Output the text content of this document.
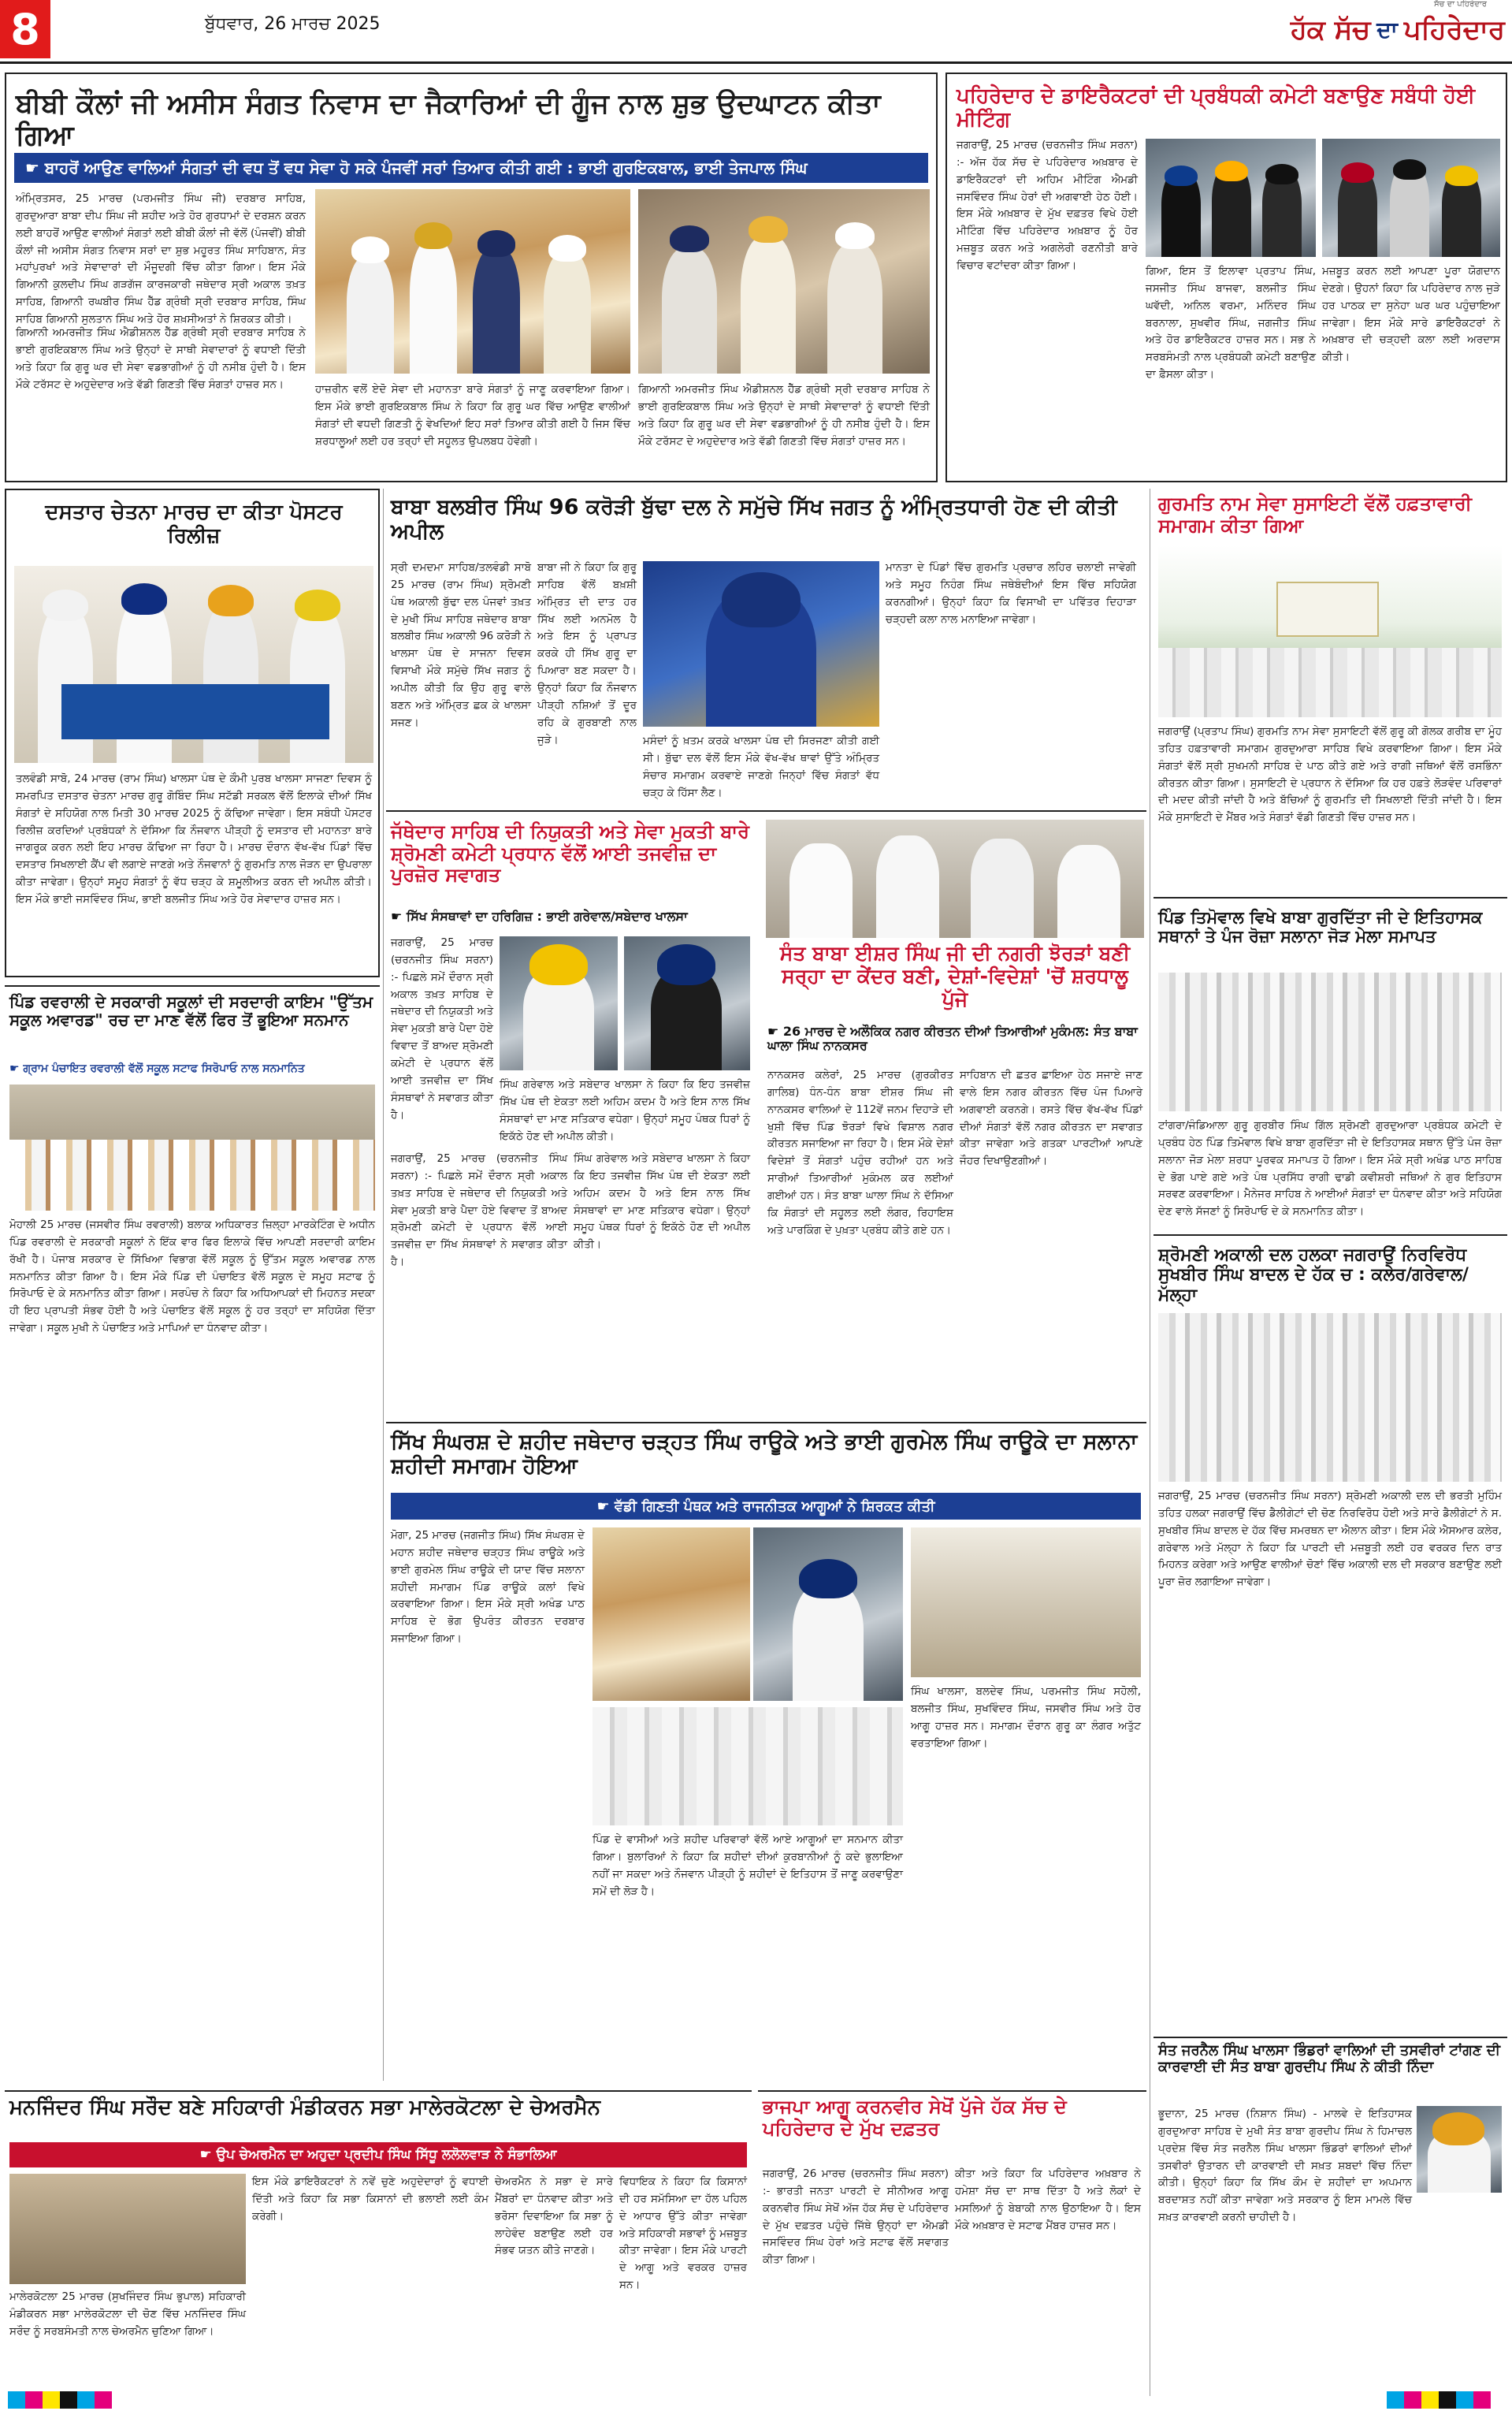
8	ਬੁੱਧਵਾਰ, 26 ਮਾਰਚ 2025
ਸੱਚ ਦਾ ਪਹਿਰੇਦਾਰ
ਹੱਕ ਸੱਚ ਦਾ ਪਹਿਰੇਦਾਰ
ਬੀਬੀ ਕੌਲਾਂ ਜੀ ਅਸੀਸ ਸੰਗਤ ਨਿਵਾਸ ਦਾ ਜੈਕਾਰਿਆਂ ਦੀ ਗੂੰਜ ਨਾਲ ਸ਼ੁਭ ਉਦਘਾਟਨ ਕੀਤਾ ਗਿਆ
☛ ਬਾਹਰੋਂ ਆਉਣ ਵਾਲਿਆਂ ਸੰਗਤਾਂ ਦੀ ਵਧ ਤੋਂ ਵਧ ਸੇਵਾ ਹੋ ਸਕੇ ਪੰਜਵੀਂ ਸਰਾਂ ਤਿਆਰ ਕੀਤੀ ਗਈ : ਭਾਈ ਗੁਰਇਕਬਾਲ, ਭਾਈ ਤੇਜਪਾਲ ਸਿੰਘ
ਅੰਮ੍ਰਿਤਸਰ, 25 ਮਾਰਚ (ਪਰਮਜੀਤ ਸਿੰਘ ਜੀ) ਦਰਬਾਰ ਸਾਹਿਬ, ਗੁਰਦੁਆਰਾ ਬਾਬਾ ਦੀਪ ਸਿੰਘ ਜੀ ਸ਼ਹੀਦ ਅਤੇ ਹੋਰ ਗੁਰਧਾਮਾਂ ਦੇ ਦਰਸ਼ਨ ਕਰਨ ਲਈ ਬਾਹਰੋਂ ਆਉਣ ਵਾਲੀਆਂ ਸੰਗਤਾਂ ਲਈ ਬੀਬੀ ਕੌਲਾਂ ਜੀ ਵੱਲੋਂ (ਪੰਜਵੀਂ) ਬੀਬੀ ਕੌਲਾਂ ਜੀ ਅਸੀਸ ਸੰਗਤ ਨਿਵਾਸ ਸਰਾਂ ਦਾ ਸ਼ੁਭ ਮਹੂਰਤ ਸਿੰਘ ਸਾਹਿਬਾਨ, ਸੰਤ ਮਹਾਂਪੁਰਖਾਂ ਅਤੇ ਸੇਵਾਦਾਰਾਂ ਦੀ ਮੌਜੂਦਗੀ ਵਿੱਚ ਕੀਤਾ ਗਿਆ। ਇਸ ਮੌਕੇ ਗਿਆਨੀ ਕੁਲਦੀਪ ਸਿੰਘ ਗੜਗੱਜ ਕਾਰਜਕਾਰੀ ਜਥੇਦਾਰ ਸ੍ਰੀ ਅਕਾਲ ਤਖ਼ਤ ਸਾਹਿਬ, ਗਿਆਨੀ ਰਘਬੀਰ ਸਿੰਘ ਹੈੱਡ ਗ੍ਰੰਥੀ ਸ੍ਰੀ ਦਰਬਾਰ ਸਾਹਿਬ, ਸਿੰਘ ਸਾਹਿਬ ਗਿਆਨੀ ਸੁਲਤਾਨ ਸਿੰਘ ਅਤੇ ਹੋਰ ਸ਼ਖ਼ਸੀਅਤਾਂ ਨੇ ਸ਼ਿਰਕਤ ਕੀਤੀ।
ਗਿਆਨੀ ਅਮਰਜੀਤ ਸਿੰਘ ਐਡੀਸ਼ਨਲ ਹੈੱਡ ਗ੍ਰੰਥੀ ਸ੍ਰੀ ਦਰਬਾਰ ਸਾਹਿਬ ਨੇ ਭਾਈ ਗੁਰਇਕਬਾਲ ਸਿੰਘ ਅਤੇ ਉਨ੍ਹਾਂ ਦੇ ਸਾਥੀ ਸੇਵਾਦਾਰਾਂ ਨੂੰ ਵਧਾਈ ਦਿੱਤੀ ਅਤੇ ਕਿਹਾ ਕਿ ਗੁਰੂ ਘਰ ਦੀ ਸੇਵਾ ਵਡਭਾਗੀਆਂ ਨੂੰ ਹੀ ਨਸੀਬ ਹੁੰਦੀ ਹੈ। ਇਸ ਮੌਕੇ ਟਰੱਸਟ ਦੇ ਅਹੁਦੇਦਾਰ ਅਤੇ ਵੱਡੀ ਗਿਣਤੀ ਵਿੱਚ ਸੰਗਤਾਂ ਹਾਜ਼ਰ ਸਨ।	ਹਾਜ਼ਰੀਨ ਵਲੋਂ ਏਦੋ ਸੇਵਾ ਦੀ ਮਹਾਨਤਾ ਬਾਰੇ ਸੰਗਤਾਂ ਨੂੰ ਜਾਣੂ ਕਰਵਾਇਆ ਗਿਆ। ਇਸ ਮੌਕੇ ਭਾਈ ਗੁਰਇਕਬਾਲ ਸਿੰਘ ਨੇ ਕਿਹਾ ਕਿ ਗੁਰੂ ਘਰ ਵਿੱਚ ਆਉਣ ਵਾਲੀਆਂ ਸੰਗਤਾਂ ਦੀ ਵਧਦੀ ਗਿਣਤੀ ਨੂੰ ਵੇਖਦਿਆਂ ਇਹ ਸਰਾਂ ਤਿਆਰ ਕੀਤੀ ਗਈ ਹੈ ਜਿਸ ਵਿੱਚ ਸ਼ਰਧਾਲੂਆਂ ਲਈ ਹਰ ਤਰ੍ਹਾਂ ਦੀ ਸਹੂਲਤ ਉਪਲਬਧ ਹੋਵੇਗੀ।
ਗਿਆਨੀ ਅਮਰਜੀਤ ਸਿੰਘ ਐਡੀਸ਼ਨਲ ਹੈੱਡ ਗ੍ਰੰਥੀ ਸ੍ਰੀ ਦਰਬਾਰ ਸਾਹਿਬ ਨੇ ਭਾਈ ਗੁਰਇਕਬਾਲ ਸਿੰਘ ਅਤੇ ਉਨ੍ਹਾਂ ਦੇ ਸਾਥੀ ਸੇਵਾਦਾਰਾਂ ਨੂੰ ਵਧਾਈ ਦਿੱਤੀ ਅਤੇ ਕਿਹਾ ਕਿ ਗੁਰੂ ਘਰ ਦੀ ਸੇਵਾ ਵਡਭਾਗੀਆਂ ਨੂੰ ਹੀ ਨਸੀਬ ਹੁੰਦੀ ਹੈ। ਇਸ ਮੌਕੇ ਟਰੱਸਟ ਦੇ ਅਹੁਦੇਦਾਰ ਅਤੇ ਵੱਡੀ ਗਿਣਤੀ ਵਿੱਚ ਸੰਗਤਾਂ ਹਾਜ਼ਰ ਸਨ।
ਪਹਿਰੇਦਾਰ ਦੇ ਡਾਇਰੈਕਟਰਾਂ ਦੀ ਪ੍ਰਬੰਧਕੀ ਕਮੇਟੀ ਬਣਾਉਣ ਸਬੰਧੀ ਹੋਈ ਮੀਟਿੰਗ
ਜਗਰਾਉਂ, 25 ਮਾਰਚ (ਚਰਨਜੀਤ ਸਿੰਘ ਸਰਨਾ) :- ਅੱਜ ਹੱਕ ਸੱਚ ਦੇ ਪਹਿਰੇਦਾਰ ਅਖ਼ਬਾਰ ਦੇ ਡਾਇਰੈਕਟਰਾਂ ਦੀ ਅਹਿਮ ਮੀਟਿੰਗ ਐਮਡੀ ਜਸਵਿੰਦਰ ਸਿੰਘ ਹੇਰਾਂ ਦੀ ਅਗਵਾਈ ਹੇਠ ਹੋਈ। ਇਸ ਮੌਕੇ ਅਖ਼ਬਾਰ ਦੇ ਮੁੱਖ ਦਫ਼ਤਰ ਵਿਖੇ ਹੋਈ ਮੀਟਿੰਗ ਵਿੱਚ ਪਹਿਰੇਦਾਰ ਅਖ਼ਬਾਰ ਨੂੰ ਹੋਰ ਮਜ਼ਬੂਤ ਕਰਨ ਅਤੇ ਅਗਲੇਰੀ ਰਣਨੀਤੀ ਬਾਰੇ ਵਿਚਾਰ ਵਟਾਂਦਰਾ ਕੀਤਾ ਗਿਆ।	ਗਿਆ, ਇਸ ਤੋਂ ਇਲਾਵਾ ਪ੍ਰਤਾਪ ਸਿੰਘ, ਜਸਜੀਤ ਸਿੰਘ ਬਾਜਵਾ, ਬਲਜੀਤ ਸਿੰਘ ਘਵੱਦੀ, ਅਨਿਲ ਵਰਮਾ, ਮਨਿੰਦਰ ਸਿੰਘ ਬਰਨਾਲਾ, ਸੁਖਵੀਰ ਸਿੰਘ, ਜਗਜੀਤ ਸਿੰਘ ਅਤੇ ਹੋਰ ਡਾਇਰੈਕਟਰ ਹਾਜ਼ਰ ਸਨ। ਸਭ ਨੇ ਸਰਬਸੰਮਤੀ ਨਾਲ ਪ੍ਰਬੰਧਕੀ ਕਮੇਟੀ ਬਣਾਉਣ ਦਾ ਫ਼ੈਸਲਾ ਕੀਤਾ।
ਮਜ਼ਬੂਤ ਕਰਨ ਲਈ ਆਪਣਾ ਪੂਰਾ ਯੋਗਦਾਨ ਦੇਣਗੇ। ਉਹਨਾਂ ਕਿਹਾ ਕਿ ਪਹਿਰੇਦਾਰ ਨਾਲ ਜੁੜੇ ਹਰ ਪਾਠਕ ਦਾ ਸੁਨੇਹਾ ਘਰ ਘਰ ਪਹੁੰਚਾਇਆ ਜਾਵੇਗਾ। ਇਸ ਮੌਕੇ ਸਾਰੇ ਡਾਇਰੈਕਟਰਾਂ ਨੇ ਅਖ਼ਬਾਰ ਦੀ ਚੜ੍ਹਦੀ ਕਲਾ ਲਈ ਅਰਦਾਸ ਕੀਤੀ।
ਦਸਤਾਰ ਚੇਤਨਾ ਮਾਰਚ ਦਾ ਕੀਤਾ ਪੋਸਟਰ ਰਿਲੀਜ਼
ਤਲਵੰਡੀ ਸਾਬੋ, 24 ਮਾਰਚ (ਰਾਮ ਸਿੰਘ) ਖਾਲਸਾ ਪੰਥ ਦੇ ਕੌਮੀ ਪੁਰਬ ਖਾਲਸਾ ਸਾਜਣਾ ਦਿਵਸ ਨੂੰ ਸਮਰਪਿਤ ਦਸਤਾਰ ਚੇਤਨਾ ਮਾਰਚ ਗੁਰੂ ਗੋਬਿੰਦ ਸਿੰਘ ਸਟੱਡੀ ਸਰਕਲ ਵੱਲੋਂ ਇਲਾਕੇ ਦੀਆਂ ਸਿੱਖ ਸੰਗਤਾਂ ਦੇ ਸਹਿਯੋਗ ਨਾਲ ਮਿਤੀ 30 ਮਾਰਚ 2025 ਨੂੰ ਕੱਢਿਆ ਜਾਵੇਗਾ। ਇਸ ਸਬੰਧੀ ਪੋਸਟਰ ਰਿਲੀਜ਼ ਕਰਦਿਆਂ ਪ੍ਰਬੰਧਕਾਂ ਨੇ ਦੱਸਿਆ ਕਿ ਨੌਜਵਾਨ ਪੀੜ੍ਹੀ ਨੂੰ ਦਸਤਾਰ ਦੀ ਮਹਾਨਤਾ ਬਾਰੇ ਜਾਗਰੂਕ ਕਰਨ ਲਈ ਇਹ ਮਾਰਚ ਕੱਢਿਆ ਜਾ ਰਿਹਾ ਹੈ। ਮਾਰਚ ਦੌਰਾਨ ਵੱਖ-ਵੱਖ ਪਿੰਡਾਂ ਵਿੱਚ ਦਸਤਾਰ ਸਿਖਲਾਈ ਕੈਂਪ ਵੀ ਲਗਾਏ ਜਾਣਗੇ ਅਤੇ ਨੌਜਵਾਨਾਂ ਨੂੰ ਗੁਰਮਤਿ ਨਾਲ ਜੋੜਨ ਦਾ ਉਪਰਾਲਾ ਕੀਤਾ ਜਾਵੇਗਾ। ਉਨ੍ਹਾਂ ਸਮੂਹ ਸੰਗਤਾਂ ਨੂੰ ਵੱਧ ਚੜ੍ਹ ਕੇ ਸ਼ਮੂਲੀਅਤ ਕਰਨ ਦੀ ਅਪੀਲ ਕੀਤੀ। ਇਸ ਮੌਕੇ ਭਾਈ ਜਸਵਿੰਦਰ ਸਿੰਘ, ਭਾਈ ਬਲਜੀਤ ਸਿੰਘ ਅਤੇ ਹੋਰ ਸੇਵਾਦਾਰ ਹਾਜ਼ਰ ਸਨ।
ਬਾਬਾ ਬਲਬੀਰ ਸਿੰਘ 96 ਕਰੋੜੀ ਬੁੱਢਾ ਦਲ ਨੇ ਸਮੁੱਚੇ ਸਿੱਖ ਜਗਤ ਨੂੰ ਅੰਮ੍ਰਿਤਧਾਰੀ ਹੋਣ ਦੀ ਕੀਤੀ ਅਪੀਲ
ਸ੍ਰੀ ਦਮਦਮਾ ਸਾਹਿਬ/ਤਲਵੰਡੀ ਸਾਬੋ 25 ਮਾਰਚ (ਰਾਮ ਸਿੰਘ) ਸ਼੍ਰੋਮਣੀ ਪੰਥ ਅਕਾਲੀ ਬੁੱਢਾ ਦਲ ਪੰਜਵਾਂ ਤਖ਼ਤ ਦੇ ਮੁਖੀ ਸਿੰਘ ਸਾਹਿਬ ਜਥੇਦਾਰ ਬਾਬਾ ਬਲਬੀਰ ਸਿੰਘ ਅਕਾਲੀ 96 ਕਰੋੜੀ ਨੇ ਖਾਲਸਾ ਪੰਥ ਦੇ ਸਾਜਨਾ ਦਿਵਸ ਵਿਸਾਖੀ ਮੌਕੇ ਸਮੁੱਚੇ ਸਿੱਖ ਜਗਤ ਨੂੰ ਅਪੀਲ ਕੀਤੀ ਕਿ ਉਹ ਗੁਰੂ ਵਾਲੇ ਬਣਨ ਅਤੇ ਅੰਮ੍ਰਿਤ ਛਕ ਕੇ ਖਾਲਸਾ ਸਜਣ।
ਬਾਬਾ ਜੀ ਨੇ ਕਿਹਾ ਕਿ ਗੁਰੂ ਸਾਹਿਬ ਵੱਲੋਂ ਬਖ਼ਸ਼ੀ ਅੰਮ੍ਰਿਤ ਦੀ ਦਾਤ ਹਰ ਸਿੱਖ ਲਈ ਅਨਮੋਲ ਹੈ ਅਤੇ ਇਸ ਨੂੰ ਪ੍ਰਾਪਤ ਕਰਕੇ ਹੀ ਸਿੱਖ ਗੁਰੂ ਦਾ ਪਿਆਰਾ ਬਣ ਸਕਦਾ ਹੈ। ਉਨ੍ਹਾਂ ਕਿਹਾ ਕਿ ਨੌਜਵਾਨ ਪੀੜ੍ਹੀ ਨਸ਼ਿਆਂ ਤੋਂ ਦੂਰ ਰਹਿ ਕੇ ਗੁਰਬਾਣੀ ਨਾਲ ਜੁੜੇ।	ਮਸੰਦਾਂ ਨੂੰ ਖ਼ਤਮ ਕਰਕੇ ਖਾਲਸਾ ਪੰਥ ਦੀ ਸਿਰਜਣਾ ਕੀਤੀ ਗਈ ਸੀ। ਬੁੱਢਾ ਦਲ ਵੱਲੋਂ ਇਸ ਮੌਕੇ ਵੱਖ-ਵੱਖ ਥਾਵਾਂ ਉੱਤੇ ਅੰਮ੍ਰਿਤ ਸੰਚਾਰ ਸਮਾਗਮ ਕਰਵਾਏ ਜਾਣਗੇ ਜਿਨ੍ਹਾਂ ਵਿੱਚ ਸੰਗਤਾਂ ਵੱਧ ਚੜ੍ਹ ਕੇ ਹਿੱਸਾ ਲੈਣ।
ਮਾਨਤਾ ਦੇ ਪਿੰਡਾਂ ਵਿੱਚ ਗੁਰਮਤਿ ਪ੍ਰਚਾਰ ਲਹਿਰ ਚਲਾਈ ਜਾਵੇਗੀ ਅਤੇ ਸਮੂਹ ਨਿਹੰਗ ਸਿੰਘ ਜਥੇਬੰਦੀਆਂ ਇਸ ਵਿੱਚ ਸਹਿਯੋਗ ਕਰਨਗੀਆਂ। ਉਨ੍ਹਾਂ ਕਿਹਾ ਕਿ ਵਿਸਾਖੀ ਦਾ ਪਵਿੱਤਰ ਦਿਹਾੜਾ ਚੜ੍ਹਦੀ ਕਲਾ ਨਾਲ ਮਨਾਇਆ ਜਾਵੇਗਾ।
ਗੁਰਮਤਿ ਨਾਮ ਸੇਵਾ ਸੁਸਾਇਟੀ ਵੱਲੋਂ ਹਫ਼ਤਾਵਾਰੀ ਸਮਾਗਮ ਕੀਤਾ ਗਿਆ
ਜਗਰਾਉਂ (ਪ੍ਰਤਾਪ ਸਿੰਘ) ਗੁਰਮਤਿ ਨਾਮ ਸੇਵਾ ਸੁਸਾਇਟੀ ਵੱਲੋਂ ਗੁਰੂ ਕੀ ਗੋਲਕ ਗਰੀਬ ਦਾ ਮੂੰਹ ਤਹਿਤ ਹਫ਼ਤਾਵਾਰੀ ਸਮਾਗਮ ਗੁਰਦੁਆਰਾ ਸਾਹਿਬ ਵਿਖੇ ਕਰਵਾਇਆ ਗਿਆ। ਇਸ ਮੌਕੇ ਸੰਗਤਾਂ ਵੱਲੋਂ ਸ੍ਰੀ ਸੁਖਮਨੀ ਸਾਹਿਬ ਦੇ ਪਾਠ ਕੀਤੇ ਗਏ ਅਤੇ ਰਾਗੀ ਜਥਿਆਂ ਵੱਲੋਂ ਰਸਭਿੰਨਾ ਕੀਰਤਨ ਕੀਤਾ ਗਿਆ। ਸੁਸਾਇਟੀ ਦੇ ਪ੍ਰਧਾਨ ਨੇ ਦੱਸਿਆ ਕਿ ਹਰ ਹਫ਼ਤੇ ਲੋੜਵੰਦ ਪਰਿਵਾਰਾਂ ਦੀ ਮਦਦ ਕੀਤੀ ਜਾਂਦੀ ਹੈ ਅਤੇ ਬੱਚਿਆਂ ਨੂੰ ਗੁਰਮਤਿ ਦੀ ਸਿਖਲਾਈ ਦਿੱਤੀ ਜਾਂਦੀ ਹੈ। ਇਸ ਮੌਕੇ ਸੁਸਾਇਟੀ ਦੇ ਮੈਂਬਰ ਅਤੇ ਸੰਗਤਾਂ ਵੱਡੀ ਗਿਣਤੀ ਵਿੱਚ ਹਾਜ਼ਰ ਸਨ।
ਜੱਥੇਦਾਰ ਸਾਹਿਬ ਦੀ ਨਿਯੁਕਤੀ ਅਤੇ ਸੇਵਾ ਮੁਕਤੀ ਬਾਰੇ ਸ਼੍ਰੋਮਣੀ ਕਮੇਟੀ ਪ੍ਰਧਾਨ ਵੱਲੋਂ ਆਈ ਤਜਵੀਜ਼ ਦਾ ਪੁਰਜ਼ੋਰ ਸਵਾਗਤ
☛ ਸਿੱਖ ਸੰਸਥਾਵਾਂ ਦਾ ਹਰਿਗਿਜ਼ : ਭਾਈ ਗਰੇਵਾਲ/ਸਬੇਦਾਰ ਖਾਲਸਾ
ਜਗਰਾਉਂ, 25 ਮਾਰਚ (ਚਰਨਜੀਤ ਸਿੰਘ ਸਰਨਾ) :- ਪਿਛਲੇ ਸਮੇਂ ਦੌਰਾਨ ਸ੍ਰੀ ਅਕਾਲ ਤਖ਼ਤ ਸਾਹਿਬ ਦੇ ਜਥੇਦਾਰ ਦੀ ਨਿਯੁਕਤੀ ਅਤੇ ਸੇਵਾ ਮੁਕਤੀ ਬਾਰੇ ਪੈਦਾ ਹੋਏ ਵਿਵਾਦ ਤੋਂ ਬਾਅਦ ਸ਼੍ਰੋਮਣੀ ਕਮੇਟੀ ਦੇ ਪ੍ਰਧਾਨ ਵੱਲੋਂ ਆਈ ਤਜਵੀਜ਼ ਦਾ ਸਿੱਖ ਸੰਸਥਾਵਾਂ ਨੇ ਸਵਾਗਤ ਕੀਤਾ ਹੈ।
ਸਿੰਘ ਗਰੇਵਾਲ ਅਤੇ ਸਬੇਦਾਰ ਖਾਲਸਾ ਨੇ ਕਿਹਾ ਕਿ ਇਹ ਤਜਵੀਜ਼ ਸਿੱਖ ਪੰਥ ਦੀ ਏਕਤਾ ਲਈ ਅਹਿਮ ਕਦਮ ਹੈ ਅਤੇ ਇਸ ਨਾਲ ਸਿੱਖ ਸੰਸਥਾਵਾਂ ਦਾ ਮਾਣ ਸਤਿਕਾਰ ਵਧੇਗਾ। ਉਨ੍ਹਾਂ ਸਮੂਹ ਪੰਥਕ ਧਿਰਾਂ ਨੂੰ ਇਕੱਠੇ ਹੋਣ ਦੀ ਅਪੀਲ ਕੀਤੀ।
ਜਗਰਾਉਂ, 25 ਮਾਰਚ (ਚਰਨਜੀਤ ਸਿੰਘ ਸਰਨਾ) :- ਪਿਛਲੇ ਸਮੇਂ ਦੌਰਾਨ ਸ੍ਰੀ ਅਕਾਲ ਤਖ਼ਤ ਸਾਹਿਬ ਦੇ ਜਥੇਦਾਰ ਦੀ ਨਿਯੁਕਤੀ ਅਤੇ ਸੇਵਾ ਮੁਕਤੀ ਬਾਰੇ ਪੈਦਾ ਹੋਏ ਵਿਵਾਦ ਤੋਂ ਬਾਅਦ ਸ਼੍ਰੋਮਣੀ ਕਮੇਟੀ ਦੇ ਪ੍ਰਧਾਨ ਵੱਲੋਂ ਆਈ ਤਜਵੀਜ਼ ਦਾ ਸਿੱਖ ਸੰਸਥਾਵਾਂ ਨੇ ਸਵਾਗਤ ਕੀਤਾ ਹੈ।
ਸਿੰਘ ਗਰੇਵਾਲ ਅਤੇ ਸਬੇਦਾਰ ਖਾਲਸਾ ਨੇ ਕਿਹਾ ਕਿ ਇਹ ਤਜਵੀਜ਼ ਸਿੱਖ ਪੰਥ ਦੀ ਏਕਤਾ ਲਈ ਅਹਿਮ ਕਦਮ ਹੈ ਅਤੇ ਇਸ ਨਾਲ ਸਿੱਖ ਸੰਸਥਾਵਾਂ ਦਾ ਮਾਣ ਸਤਿਕਾਰ ਵਧੇਗਾ। ਉਨ੍ਹਾਂ ਸਮੂਹ ਪੰਥਕ ਧਿਰਾਂ ਨੂੰ ਇਕੱਠੇ ਹੋਣ ਦੀ ਅਪੀਲ ਕੀਤੀ।
ਸੰਤ ਬਾਬਾ ਈਸ਼ਰ ਸਿੰਘ ਜੀ ਦੀ ਨਗਰੀ ਝੋਰੜਾਂ ਬਣੀ ਸਰ੍ਹਾ ਦਾ ਕੇਂਦਰ ਬਣੀ, ਦੇਸ਼ਾਂ-ਵਿਦੇਸ਼ਾਂ 'ਚੋਂ ਸ਼ਰਧਾਲੂ ਪੁੱਜੇ
☛ 26 ਮਾਰਚ ਦੇ ਅਲੌਕਿਕ ਨਗਰ ਕੀਰਤਨ ਦੀਆਂ ਤਿਆਰੀਆਂ ਮੁਕੰਮਲ: ਸੰਤ ਬਾਬਾ ਘਾਲਾ ਸਿੰਘ ਨਾਨਕਸਰ
ਨਾਨਕਸਰ ਕਲੇਰਾਂ, 25 ਮਾਰਚ (ਗੁਰਕੀਰਤ ਗਾਲਿਬ) ਧੰਨ-ਧੰਨ ਬਾਬਾ ਈਸ਼ਰ ਸਿੰਘ ਜੀ ਨਾਨਕਸਰ ਵਾਲਿਆਂ ਦੇ 112ਵੇਂ ਜਨਮ ਦਿਹਾੜੇ ਦੀ ਖੁਸ਼ੀ ਵਿੱਚ ਪਿੰਡ ਝੋਰੜਾਂ ਵਿਖੇ ਵਿਸ਼ਾਲ ਨਗਰ ਕੀਰਤਨ ਸਜਾਇਆ ਜਾ ਰਿਹਾ ਹੈ। ਇਸ ਮੌਕੇ ਦੇਸ਼ਾਂ ਵਿਦੇਸ਼ਾਂ ਤੋਂ ਸੰਗਤਾਂ ਪਹੁੰਚ ਰਹੀਆਂ ਹਨ ਅਤੇ ਸਾਰੀਆਂ ਤਿਆਰੀਆਂ ਮੁਕੰਮਲ ਕਰ ਲਈਆਂ ਗਈਆਂ ਹਨ। ਸੰਤ ਬਾਬਾ ਘਾਲਾ ਸਿੰਘ ਨੇ ਦੱਸਿਆ ਕਿ ਸੰਗਤਾਂ ਦੀ ਸਹੂਲਤ ਲਈ ਲੰਗਰ, ਰਿਹਾਇਸ਼ ਅਤੇ ਪਾਰਕਿੰਗ ਦੇ ਪੁਖ਼ਤਾ ਪ੍ਰਬੰਧ ਕੀਤੇ ਗਏ ਹਨ।
ਸਾਹਿਬਾਨ ਦੀ ਛਤਰ ਛਾਇਆ ਹੇਠ ਸਜਾਏ ਜਾਣ ਵਾਲੇ ਇਸ ਨਗਰ ਕੀਰਤਨ ਵਿੱਚ ਪੰਜ ਪਿਆਰੇ ਅਗਵਾਈ ਕਰਨਗੇ। ਰਸਤੇ ਵਿੱਚ ਵੱਖ-ਵੱਖ ਪਿੰਡਾਂ ਦੀਆਂ ਸੰਗਤਾਂ ਵੱਲੋਂ ਨਗਰ ਕੀਰਤਨ ਦਾ ਸਵਾਗਤ ਕੀਤਾ ਜਾਵੇਗਾ ਅਤੇ ਗਤਕਾ ਪਾਰਟੀਆਂ ਆਪਣੇ ਜੌਹਰ ਦਿਖਾਉਣਗੀਆਂ।
ਪਿੰਡ ਤਿਮੋਵਾਲ ਵਿਖੇ ਬਾਬਾ ਗੁਰਦਿੱਤਾ ਜੀ ਦੇ ਇਤਿਹਾਸਕ ਸਥਾਨਾਂ ਤੇ ਪੰਜ ਰੋਜ਼ਾ ਸਲਾਨਾ ਜੋੜ ਮੇਲਾ ਸਮਾਪਤ
ਟਾਂਗਰਾ/ਜੰਡਿਆਲਾ ਗੁਰੂ ਗੁਰਬੀਰ ਸਿੰਘ ਗਿੱਲ ਸ਼੍ਰੋਮਣੀ ਗੁਰਦੁਆਰਾ ਪ੍ਰਬੰਧਕ ਕਮੇਟੀ ਦੇ ਪ੍ਰਬੰਧ ਹੇਠ ਪਿੰਡ ਤਿਮੋਵਾਲ ਵਿਖੇ ਬਾਬਾ ਗੁਰਦਿੱਤਾ ਜੀ ਦੇ ਇਤਿਹਾਸਕ ਸਥਾਨ ਉੱਤੇ ਪੰਜ ਰੋਜ਼ਾ ਸਲਾਨਾ ਜੋੜ ਮੇਲਾ ਸ਼ਰਧਾ ਪੂਰਵਕ ਸਮਾਪਤ ਹੋ ਗਿਆ। ਇਸ ਮੌਕੇ ਸ੍ਰੀ ਅਖੰਡ ਪਾਠ ਸਾਹਿਬ ਦੇ ਭੋਗ ਪਾਏ ਗਏ ਅਤੇ ਪੰਥ ਪ੍ਰਸਿੱਧ ਰਾਗੀ ਢਾਡੀ ਕਵੀਸ਼ਰੀ ਜਥਿਆਂ ਨੇ ਗੁਰ ਇਤਿਹਾਸ ਸਰਵਣ ਕਰਵਾਇਆ। ਮੈਨੇਜਰ ਸਾਹਿਬ ਨੇ ਆਈਆਂ ਸੰਗਤਾਂ ਦਾ ਧੰਨਵਾਦ ਕੀਤਾ ਅਤੇ ਸਹਿਯੋਗ ਦੇਣ ਵਾਲੇ ਸੱਜਣਾਂ ਨੂੰ ਸਿਰੋਪਾਓ ਦੇ ਕੇ ਸਨਮਾਨਿਤ ਕੀਤਾ।
ਪਿੰਡ ਰਵਰਾਲੀ ਦੇ ਸਰਕਾਰੀ ਸਕੂਲਾਂ ਦੀ ਸਰਦਾਰੀ ਕਾਇਮ "ਉੱਤਮ ਸਕੂਲ ਅਵਾਰਡ" ਰਚ ਦਾ ਮਾਣ ਵੱਲੋਂ ਫਿਰ ਤੋਂ ਭੂਇਆ ਸਨਮਾਨ
☛ ਗ੍ਰਾਮ ਪੰਚਾਇਤ ਰਵਰਾਲੀ ਵੱਲੋਂ ਸਕੂਲ ਸਟਾਫ ਸਿਰੋਪਾਓ ਨਾਲ ਸਨਮਾਨਿਤ
ਮੋਹਾਲੀ 25 ਮਾਰਚ (ਜਸਵੀਰ ਸਿੰਘ ਰਵਰਾਲੀ) ਬਲਾਕ ਅਧਿਕਾਰਤ ਜ਼ਿਲ੍ਹਾ ਮਾਰਕੇਟਿੰਗ ਦੇ ਅਧੀਨ ਪਿੰਡ ਰਵਰਾਲੀ ਦੇ ਸਰਕਾਰੀ ਸਕੂਲਾਂ ਨੇ ਇੱਕ ਵਾਰ ਫਿਰ ਇਲਾਕੇ ਵਿੱਚ ਆਪਣੀ ਸਰਦਾਰੀ ਕਾਇਮ ਰੱਖੀ ਹੈ। ਪੰਜਾਬ ਸਰਕਾਰ ਦੇ ਸਿੱਖਿਆ ਵਿਭਾਗ ਵੱਲੋਂ ਸਕੂਲ ਨੂੰ ਉੱਤਮ ਸਕੂਲ ਅਵਾਰਡ ਨਾਲ ਸਨਮਾਨਿਤ ਕੀਤਾ ਗਿਆ ਹੈ। ਇਸ ਮੌਕੇ ਪਿੰਡ ਦੀ ਪੰਚਾਇਤ ਵੱਲੋਂ ਸਕੂਲ ਦੇ ਸਮੂਹ ਸਟਾਫ ਨੂੰ ਸਿਰੋਪਾਓ ਦੇ ਕੇ ਸਨਮਾਨਿਤ ਕੀਤਾ ਗਿਆ। ਸਰਪੰਚ ਨੇ ਕਿਹਾ ਕਿ ਅਧਿਆਪਕਾਂ ਦੀ ਮਿਹਨਤ ਸਦਕਾ ਹੀ ਇਹ ਪ੍ਰਾਪਤੀ ਸੰਭਵ ਹੋਈ ਹੈ ਅਤੇ ਪੰਚਾਇਤ ਵੱਲੋਂ ਸਕੂਲ ਨੂੰ ਹਰ ਤਰ੍ਹਾਂ ਦਾ ਸਹਿਯੋਗ ਦਿੱਤਾ ਜਾਵੇਗਾ। ਸਕੂਲ ਮੁਖੀ ਨੇ ਪੰਚਾਇਤ ਅਤੇ ਮਾਪਿਆਂ ਦਾ ਧੰਨਵਾਦ ਕੀਤਾ।
ਸਿੱਖ ਸੰਘਰਸ਼ ਦੇ ਸ਼ਹੀਦ ਜਥੇਦਾਰ ਚੜ੍ਹਤ ਸਿੰਘ ਰਾਊਕੇ ਅਤੇ ਭਾਈ ਗੁਰਮੇਲ ਸਿੰਘ ਰਾਊਕੇ ਦਾ ਸਲਾਨਾ ਸ਼ਹੀਦੀ ਸਮਾਗਮ ਹੋਇਆ
☛ ਵੱਡੀ ਗਿਣਤੀ ਪੰਥਕ ਅਤੇ ਰਾਜਨੀਤਕ ਆਗੂਆਂ ਨੇ ਸ਼ਿਰਕਤ ਕੀਤੀ
ਮੋਗਾ, 25 ਮਾਰਚ (ਜਗਜੀਤ ਸਿੰਘ) ਸਿੱਖ ਸੰਘਰਸ਼ ਦੇ ਮਹਾਨ ਸ਼ਹੀਦ ਜਥੇਦਾਰ ਚੜ੍ਹਤ ਸਿੰਘ ਰਾਊਕੇ ਅਤੇ ਭਾਈ ਗੁਰਮੇਲ ਸਿੰਘ ਰਾਊਕੇ ਦੀ ਯਾਦ ਵਿੱਚ ਸਲਾਨਾ ਸ਼ਹੀਦੀ ਸਮਾਗਮ ਪਿੰਡ ਰਾਊਕੇ ਕਲਾਂ ਵਿਖੇ ਕਰਵਾਇਆ ਗਿਆ। ਇਸ ਮੌਕੇ ਸ੍ਰੀ ਅਖੰਡ ਪਾਠ ਸਾਹਿਬ ਦੇ ਭੋਗ ਉਪਰੰਤ ਕੀਰਤਨ ਦਰਬਾਰ ਸਜਾਇਆ ਗਿਆ।
ਪਿੰਡ ਦੇ ਵਾਸੀਆਂ ਅਤੇ ਸ਼ਹੀਦ ਪਰਿਵਾਰਾਂ ਵੱਲੋਂ ਆਏ ਆਗੂਆਂ ਦਾ ਸਨਮਾਨ ਕੀਤਾ ਗਿਆ। ਬੁਲਾਰਿਆਂ ਨੇ ਕਿਹਾ ਕਿ ਸ਼ਹੀਦਾਂ ਦੀਆਂ ਕੁਰਬਾਨੀਆਂ ਨੂੰ ਕਦੇ ਭੁਲਾਇਆ ਨਹੀਂ ਜਾ ਸਕਦਾ ਅਤੇ ਨੌਜਵਾਨ ਪੀੜ੍ਹੀ ਨੂੰ ਸ਼ਹੀਦਾਂ ਦੇ ਇਤਿਹਾਸ ਤੋਂ ਜਾਣੂ ਕਰਵਾਉਣਾ ਸਮੇਂ ਦੀ ਲੋੜ ਹੈ।
ਸਿੰਘ ਖਾਲਸਾ, ਬਲਦੇਵ ਸਿੰਘ, ਪਰਮਜੀਤ ਸਿੰਘ ਸਹੋਲੀ, ਬਲਜੀਤ ਸਿੰਘ, ਸੁਖਵਿੰਦਰ ਸਿੰਘ, ਜਸਵੀਰ ਸਿੰਘ ਅਤੇ ਹੋਰ ਆਗੂ ਹਾਜ਼ਰ ਸਨ। ਸਮਾਗਮ ਦੌਰਾਨ ਗੁਰੂ ਕਾ ਲੰਗਰ ਅਤੁੱਟ ਵਰਤਾਇਆ ਗਿਆ।
ਸ਼੍ਰੋਮਣੀ ਅਕਾਲੀ ਦਲ ਹਲਕਾ ਜਗਰਾਉਂ ਨਿਰਵਿਰੋਧ ਸੁਖਬੀਰ ਸਿੰਘ ਬਾਦਲ ਦੇ ਹੱਕ ਚ : ਕਲੇਰ/ਗਰੇਵਾਲ/ਮੱਲ੍ਹਾ
ਜਗਰਾਉਂ, 25 ਮਾਰਚ (ਚਰਨਜੀਤ ਸਿੰਘ ਸਰਨਾ) ਸ਼੍ਰੋਮਣੀ ਅਕਾਲੀ ਦਲ ਦੀ ਭਰਤੀ ਮੁਹਿੰਮ ਤਹਿਤ ਹਲਕਾ ਜਗਰਾਉਂ ਵਿੱਚ ਡੈਲੀਗੇਟਾਂ ਦੀ ਚੋਣ ਨਿਰਵਿਰੋਧ ਹੋਈ ਅਤੇ ਸਾਰੇ ਡੈਲੀਗੇਟਾਂ ਨੇ ਸ. ਸੁਖਬੀਰ ਸਿੰਘ ਬਾਦਲ ਦੇ ਹੱਕ ਵਿੱਚ ਸਮਰਥਨ ਦਾ ਐਲਾਨ ਕੀਤਾ। ਇਸ ਮੌਕੇ ਐਸਆਰ ਕਲੇਰ, ਗਰੇਵਾਲ ਅਤੇ ਮੱਲ੍ਹਾ ਨੇ ਕਿਹਾ ਕਿ ਪਾਰਟੀ ਦੀ ਮਜ਼ਬੂਤੀ ਲਈ ਹਰ ਵਰਕਰ ਦਿਨ ਰਾਤ ਮਿਹਨਤ ਕਰੇਗਾ ਅਤੇ ਆਉਣ ਵਾਲੀਆਂ ਚੋਣਾਂ ਵਿੱਚ ਅਕਾਲੀ ਦਲ ਦੀ ਸਰਕਾਰ ਬਣਾਉਣ ਲਈ ਪੂਰਾ ਜ਼ੋਰ ਲਗਾਇਆ ਜਾਵੇਗਾ।
ਮਨਜਿੰਦਰ ਸਿੰਘ ਸਰੌਦ ਬਣੇ ਸਹਿਕਾਰੀ ਮੰਡੀਕਰਨ ਸਭਾ ਮਾਲੇਰਕੋਟਲਾ ਦੇ ਚੇਅਰਮੈਨ
☛ ਉਪ ਚੇਅਰਮੈਨ ਦਾ ਅਹੁਦਾ ਪ੍ਰਦੀਪ ਸਿੰਘ ਸਿੱਧੂ ਲਲੋਲਵਾੜ ਨੇ ਸੰਭਾਲਿਆ
ਮਾਲੇਰਕੋਟਲਾ 25 ਮਾਰਚ (ਸੁਖਜਿੰਦਰ ਸਿੰਘ ਭੁਪਾਲ) ਸਹਿਕਾਰੀ ਮੰਡੀਕਰਨ ਸਭਾ ਮਾਲੇਰਕੋਟਲਾ ਦੀ ਚੋਣ ਵਿੱਚ ਮਨਜਿੰਦਰ ਸਿੰਘ ਸਰੌਦ ਨੂੰ ਸਰਬਸੰਮਤੀ ਨਾਲ ਚੇਅਰਮੈਨ ਚੁਣਿਆ ਗਿਆ।
ਇਸ ਮੌਕੇ ਡਾਇਰੈਕਟਰਾਂ ਨੇ ਨਵੇਂ ਚੁਣੇ ਅਹੁਦੇਦਾਰਾਂ ਨੂੰ ਵਧਾਈ ਦਿੱਤੀ ਅਤੇ ਕਿਹਾ ਕਿ ਸਭਾ ਕਿਸਾਨਾਂ ਦੀ ਭਲਾਈ ਲਈ ਕੰਮ ਕਰੇਗੀ।
ਚੇਅਰਮੈਨ ਨੇ ਸਭਾ ਦੇ ਸਾਰੇ ਮੈਂਬਰਾਂ ਦਾ ਧੰਨਵਾਦ ਕੀਤਾ ਅਤੇ ਭਰੋਸਾ ਦਿਵਾਇਆ ਕਿ ਸਭਾ ਨੂੰ ਲਾਹੇਵੰਦ ਬਣਾਉਣ ਲਈ ਹਰ ਸੰਭਵ ਯਤਨ ਕੀਤੇ ਜਾਣਗੇ।
ਵਿਧਾਇਕ ਨੇ ਕਿਹਾ ਕਿ ਕਿਸਾਨਾਂ ਦੀ ਹਰ ਸਮੱਸਿਆ ਦਾ ਹੱਲ ਪਹਿਲ ਦੇ ਆਧਾਰ ਉੱਤੇ ਕੀਤਾ ਜਾਵੇਗਾ ਅਤੇ ਸਹਿਕਾਰੀ ਸਭਾਵਾਂ ਨੂੰ ਮਜ਼ਬੂਤ ਕੀਤਾ ਜਾਵੇਗਾ। ਇਸ ਮੌਕੇ ਪਾਰਟੀ ਦੇ ਆਗੂ ਅਤੇ ਵਰਕਰ ਹਾਜ਼ਰ ਸਨ।
ਭਾਜਪਾ ਆਗੂ ਕਰਨਵੀਰ ਸੇਖੋਂ ਪੁੱਜੇ ਹੱਕ ਸੱਚ ਦੇ ਪਹਿਰੇਦਾਰ ਦੇ ਮੁੱਖ ਦਫ਼ਤਰ
ਜਗਰਾਉਂ, 26 ਮਾਰਚ (ਚਰਨਜੀਤ ਸਿੰਘ ਸਰਨਾ) :- ਭਾਰਤੀ ਜਨਤਾ ਪਾਰਟੀ ਦੇ ਸੀਨੀਅਰ ਆਗੂ ਕਰਨਵੀਰ ਸਿੰਘ ਸੇਖੋਂ ਅੱਜ ਹੱਕ ਸੱਚ ਦੇ ਪਹਿਰੇਦਾਰ ਦੇ ਮੁੱਖ ਦਫ਼ਤਰ ਪਹੁੰਚੇ ਜਿੱਥੇ ਉਨ੍ਹਾਂ ਦਾ ਐਮਡੀ ਜਸਵਿੰਦਰ ਸਿੰਘ ਹੇਰਾਂ ਅਤੇ ਸਟਾਫ ਵੱਲੋਂ ਸਵਾਗਤ ਕੀਤਾ ਗਿਆ।
ਕੀਤਾ ਅਤੇ ਕਿਹਾ ਕਿ ਪਹਿਰੇਦਾਰ ਅਖ਼ਬਾਰ ਨੇ ਹਮੇਸ਼ਾ ਸੱਚ ਦਾ ਸਾਥ ਦਿੱਤਾ ਹੈ ਅਤੇ ਲੋਕਾਂ ਦੇ ਮਸਲਿਆਂ ਨੂੰ ਬੇਬਾਕੀ ਨਾਲ ਉਠਾਇਆ ਹੈ। ਇਸ ਮੌਕੇ ਅਖ਼ਬਾਰ ਦੇ ਸਟਾਫ ਮੈਂਬਰ ਹਾਜ਼ਰ ਸਨ।
ਸੰਤ ਜਰਨੈਲ ਸਿੰਘ ਖਾਲਸਾ ਭਿੰਡਰਾਂ ਵਾਲਿਆਂ ਦੀ ਤਸਵੀਰਾਂ ਟਾਂਗਣ ਦੀ ਕਾਰਵਾਈ ਦੀ ਸੰਤ ਬਾਬਾ ਗੁਰਦੀਪ ਸਿੰਘ ਨੇ ਕੀਤੀ ਨਿੰਦਾ
ਭੂਦਾਨਾ, 25 ਮਾਰਚ (ਨਿਸ਼ਾਨ ਸਿੰਘ) - ਮਾਲਵੇ ਦੇ ਇਤਿਹਾਸਕ ਗੁਰਦੁਆਰਾ ਸਾਹਿਬ ਦੇ ਮੁਖੀ ਸੰਤ ਬਾਬਾ ਗੁਰਦੀਪ ਸਿੰਘ ਨੇ ਹਿਮਾਚਲ ਪ੍ਰਦੇਸ਼ ਵਿੱਚ ਸੰਤ ਜਰਨੈਲ ਸਿੰਘ ਖਾਲਸਾ ਭਿੰਡਰਾਂ ਵਾਲਿਆਂ ਦੀਆਂ ਤਸਵੀਰਾਂ ਉਤਾਰਨ ਦੀ ਕਾਰਵਾਈ ਦੀ ਸਖ਼ਤ ਸ਼ਬਦਾਂ ਵਿੱਚ ਨਿੰਦਾ ਕੀਤੀ। ਉਨ੍ਹਾਂ ਕਿਹਾ ਕਿ ਸਿੱਖ ਕੌਮ ਦੇ ਸ਼ਹੀਦਾਂ ਦਾ ਅਪਮਾਨ ਬਰਦਾਸ਼ਤ ਨਹੀਂ ਕੀਤਾ ਜਾਵੇਗਾ ਅਤੇ ਸਰਕਾਰ ਨੂੰ ਇਸ ਮਾਮਲੇ ਵਿੱਚ ਸਖ਼ਤ ਕਾਰਵਾਈ ਕਰਨੀ ਚਾਹੀਦੀ ਹੈ।
